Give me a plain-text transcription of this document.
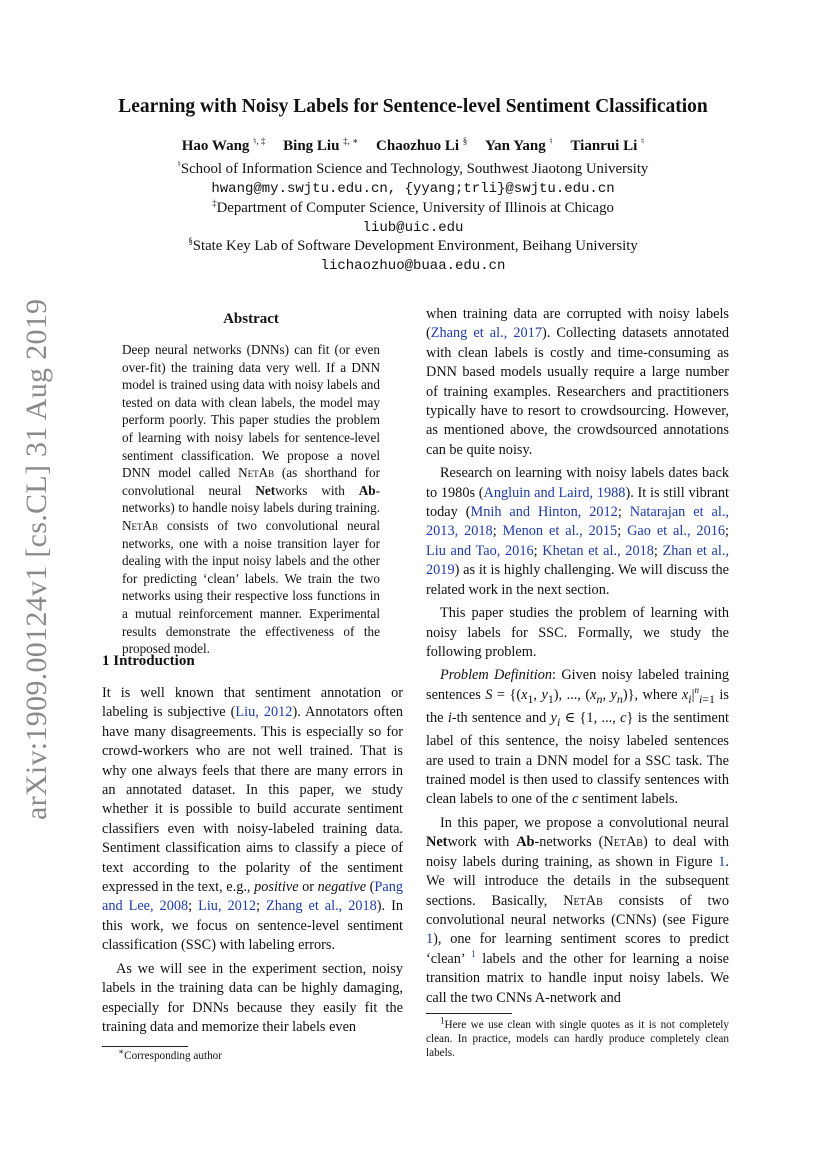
arXiv:1909.00124v1 [cs.CL] 31 Aug 2019
Learning with Noisy Labels for Sentence-level Sentiment Classification
Hao Wang ♮, ‡ Bing Liu ‡, ∗ Chaozhuo Li § Yan Yang ♮ Tianrui Li ♮
♮School of Information Science and Technology, Southwest Jiaotong University
hwang@my.swjtu.edu.cn, {yyang;trli}@swjtu.edu.cn
‡Department of Computer Science, University of Illinois at Chicago
liub@uic.edu
§State Key Lab of Software Development Environment, Beihang University
lichaozhuo@buaa.edu.cn
Abstract
Deep neural networks (DNNs) can fit (or even over-fit) the training data very well. If a DNN model is trained using data with noisy labels and tested on data with clean labels, the model may perform poorly. This paper studies the problem of learning with noisy labels for sentence-level sentiment classification. We propose a novel DNN model called NetAb (as shorthand for convolutional neural Networks with Ab-networks) to handle noisy labels during training. NetAb consists of two convolutional neural networks, one with a noise transition layer for dealing with the input noisy labels and the other for predicting ‘clean’ labels. We train the two networks using their respective loss functions in a mutual reinforcement manner. Experimental results demonstrate the effectiveness of the proposed model.
1 Introduction

It is well known that sentiment annotation or labeling is subjective (Liu, 2012). Annotators often have many disagreements. This is especially so for crowd-workers who are not well trained. That is why one always feels that there are many errors in an annotated dataset. In this paper, we study whether it is possible to build accurate sentiment classifiers even with noisy-labeled training data. Sentiment classification aims to classify a piece of text according to the polarity of the sentiment expressed in the text, e.g., positive or negative (Pang and Lee, 2008; Liu, 2012; Zhang et al., 2018). In this work, we focus on sentence-level sentiment classification (SSC) with labeling errors.

As we will see in the experiment section, noisy labels in the training data can be highly damaging, especially for DNNs because they easily fit the training data and memorize their labels even

∗Corresponding author

when training data are corrupted with noisy labels (Zhang et al., 2017). Collecting datasets annotated with clean labels is costly and time-consuming as DNN based models usually require a large number of training examples. Researchers and practitioners typically have to resort to crowdsourcing. However, as mentioned above, the crowdsourced annotations can be quite noisy.

Research on learning with noisy labels dates back to 1980s (Angluin and Laird, 1988). It is still vibrant today (Mnih and Hinton, 2012; Natarajan et al., 2013, 2018; Menon et al., 2015; Gao et al., 2016; Liu and Tao, 2016; Khetan et al., 2018; Zhan et al., 2019) as it is highly challenging. We will discuss the related work in the next section.

This paper studies the problem of learning with noisy labels for SSC. Formally, we study the following problem.

Problem Definition: Given noisy labeled training sentences $S = \{(x_1$, $y_1$), ..., ($x_n$, $y_n$)}, where $x_i|^n_{i=1}$ is the i-th sentence and $y_i$ ∈ {1, ..., c} is the sentiment label of this sentence, the noisy labeled sentences are used to train a DNN model for a SSC task. The trained model is then used to classify sentences with clean labels to one of the c sentiment labels.

In this paper, we propose a convolutional neural Network with Ab-networks (NetAb) to deal with noisy labels during training, as shown in Figure 1. We will introduce the details in the subsequent sections. Basically, NetAb consists of two convolutional neural networks (CNNs) (see Figure 1), one for learning sentiment scores to predict ‘clean’ $^1$ labels and the other for learning a noise transition matrix to handle input noisy labels. We call the two CNNs A-network and

$^1$Here we use clean with single quotes as it is not completely clean. In practice, models can hardly produce completely clean labels.
